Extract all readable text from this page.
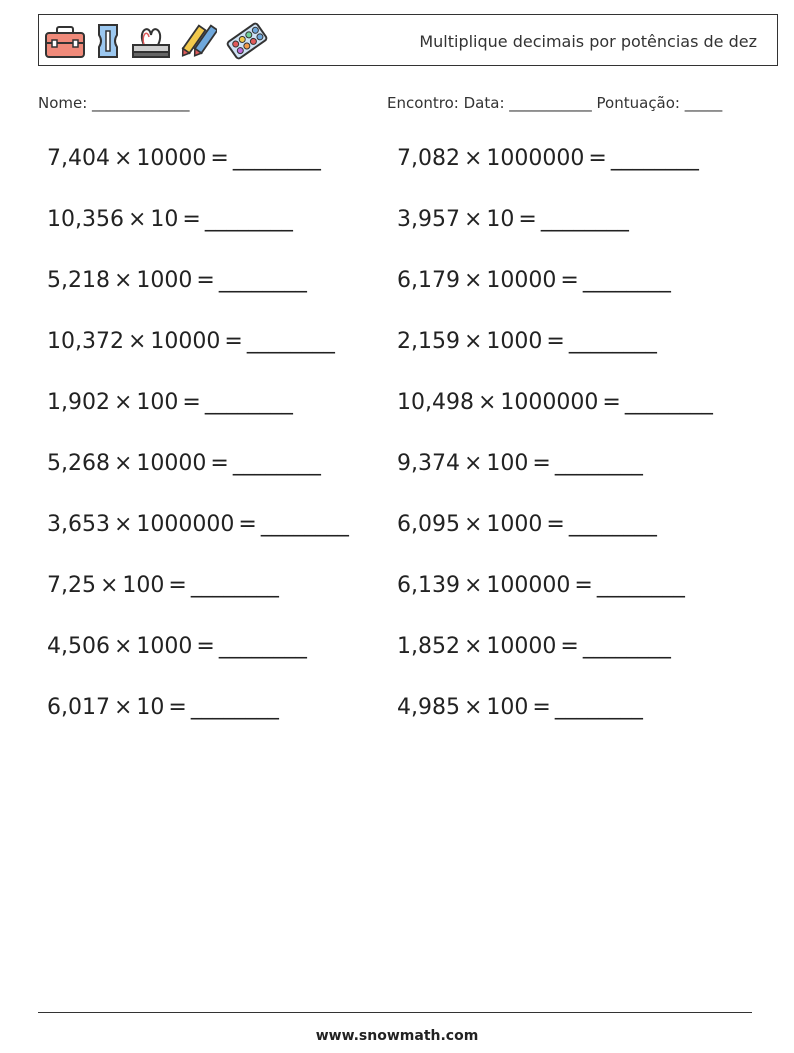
Multiplique decimais por potências de dez
Nome: _____________	Encontro: Data: ___________ Pontuação: _____
7,404 × 10000 = ________	7,082 × 1000000 = ________
10,356 × 10 = ________	3,957 × 10 = ________
5,218 × 1000 = ________	6,179 × 10000 = ________
10,372 × 10000 = ________	2,159 × 1000 = ________
1,902 × 100 = ________	10,498 × 1000000 = ________
5,268 × 10000 = ________	9,374 × 100 = ________
3,653 × 1000000 = ________ 6,095 × 1000 = ________
7,25 × 100 = ________	6,139 × 100000 = ________
4,506 × 1000 = ________	1,852 × 10000 = ________
6,017 × 10 = ________	4,985 × 100 = ________
www.snowmath.com
